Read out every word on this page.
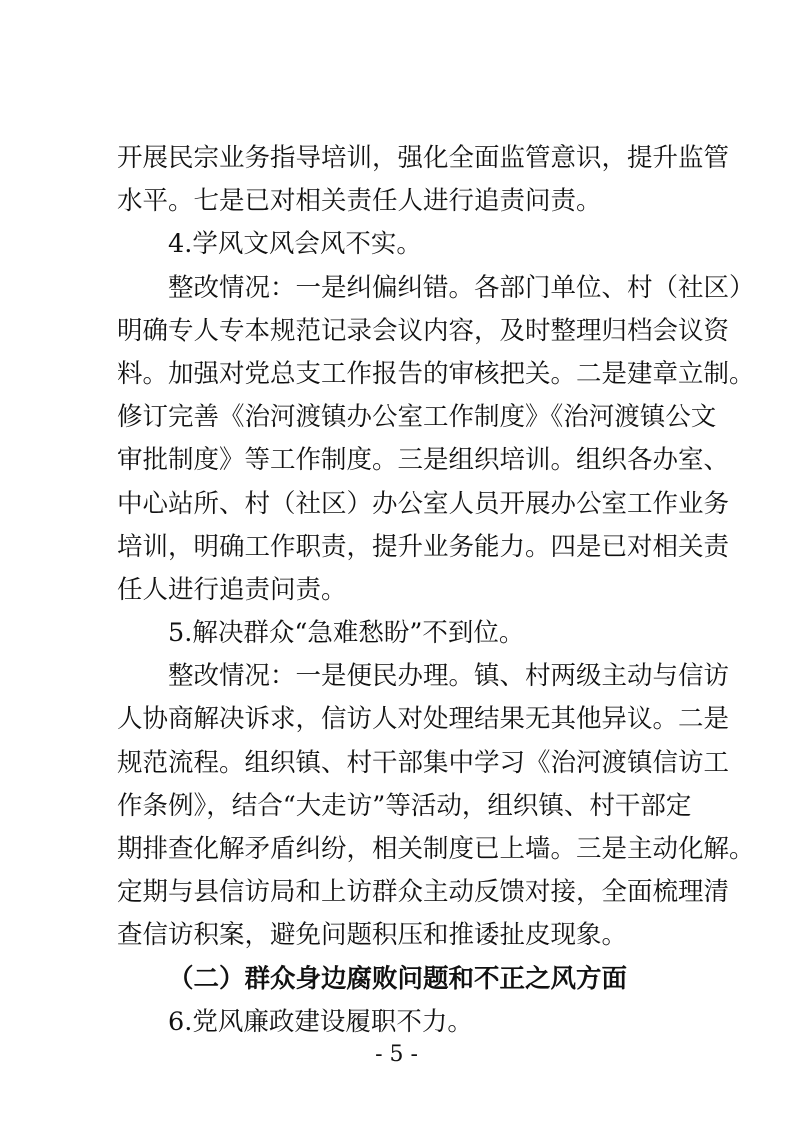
开展民宗业务指导培训，强化全面监管意识，提升监管
水平。七是已对相关责任人进行追责问责。
4.学风文风会风不实。
整改情况：一是纠偏纠错。各部门单位、村（社区）
明确专人专本规范记录会议内容，及时整理归档会议资
料。加强对党总支工作报告的审核把关。二是建章立制。
修订完善《治河渡镇办公室工作制度》《治河渡镇公文
审批制度》等工作制度。三是组织培训。组织各办室、
中心站所、村（社区）办公室人员开展办公室工作业务
培训，明确工作职责，提升业务能力。四是已对相关责
任人进行追责问责。
5.解决群众“急难愁盼”不到位。
整改情况：一是便民办理。镇、村两级主动与信访
人协商解决诉求，信访人对处理结果无其他异议。二是
规范流程。组织镇、村干部集中学习《治河渡镇信访工
作条例》，结合“大走访”等活动，组织镇、村干部定
期排查化解矛盾纠纷，相关制度已上墙。三是主动化解。
定期与县信访局和上访群众主动反馈对接，全面梳理清
查信访积案，避免问题积压和推诿扯皮现象。
（二）群众身边腐败问题和不正之风方面
6.党风廉政建设履职不力。
- 5 -
